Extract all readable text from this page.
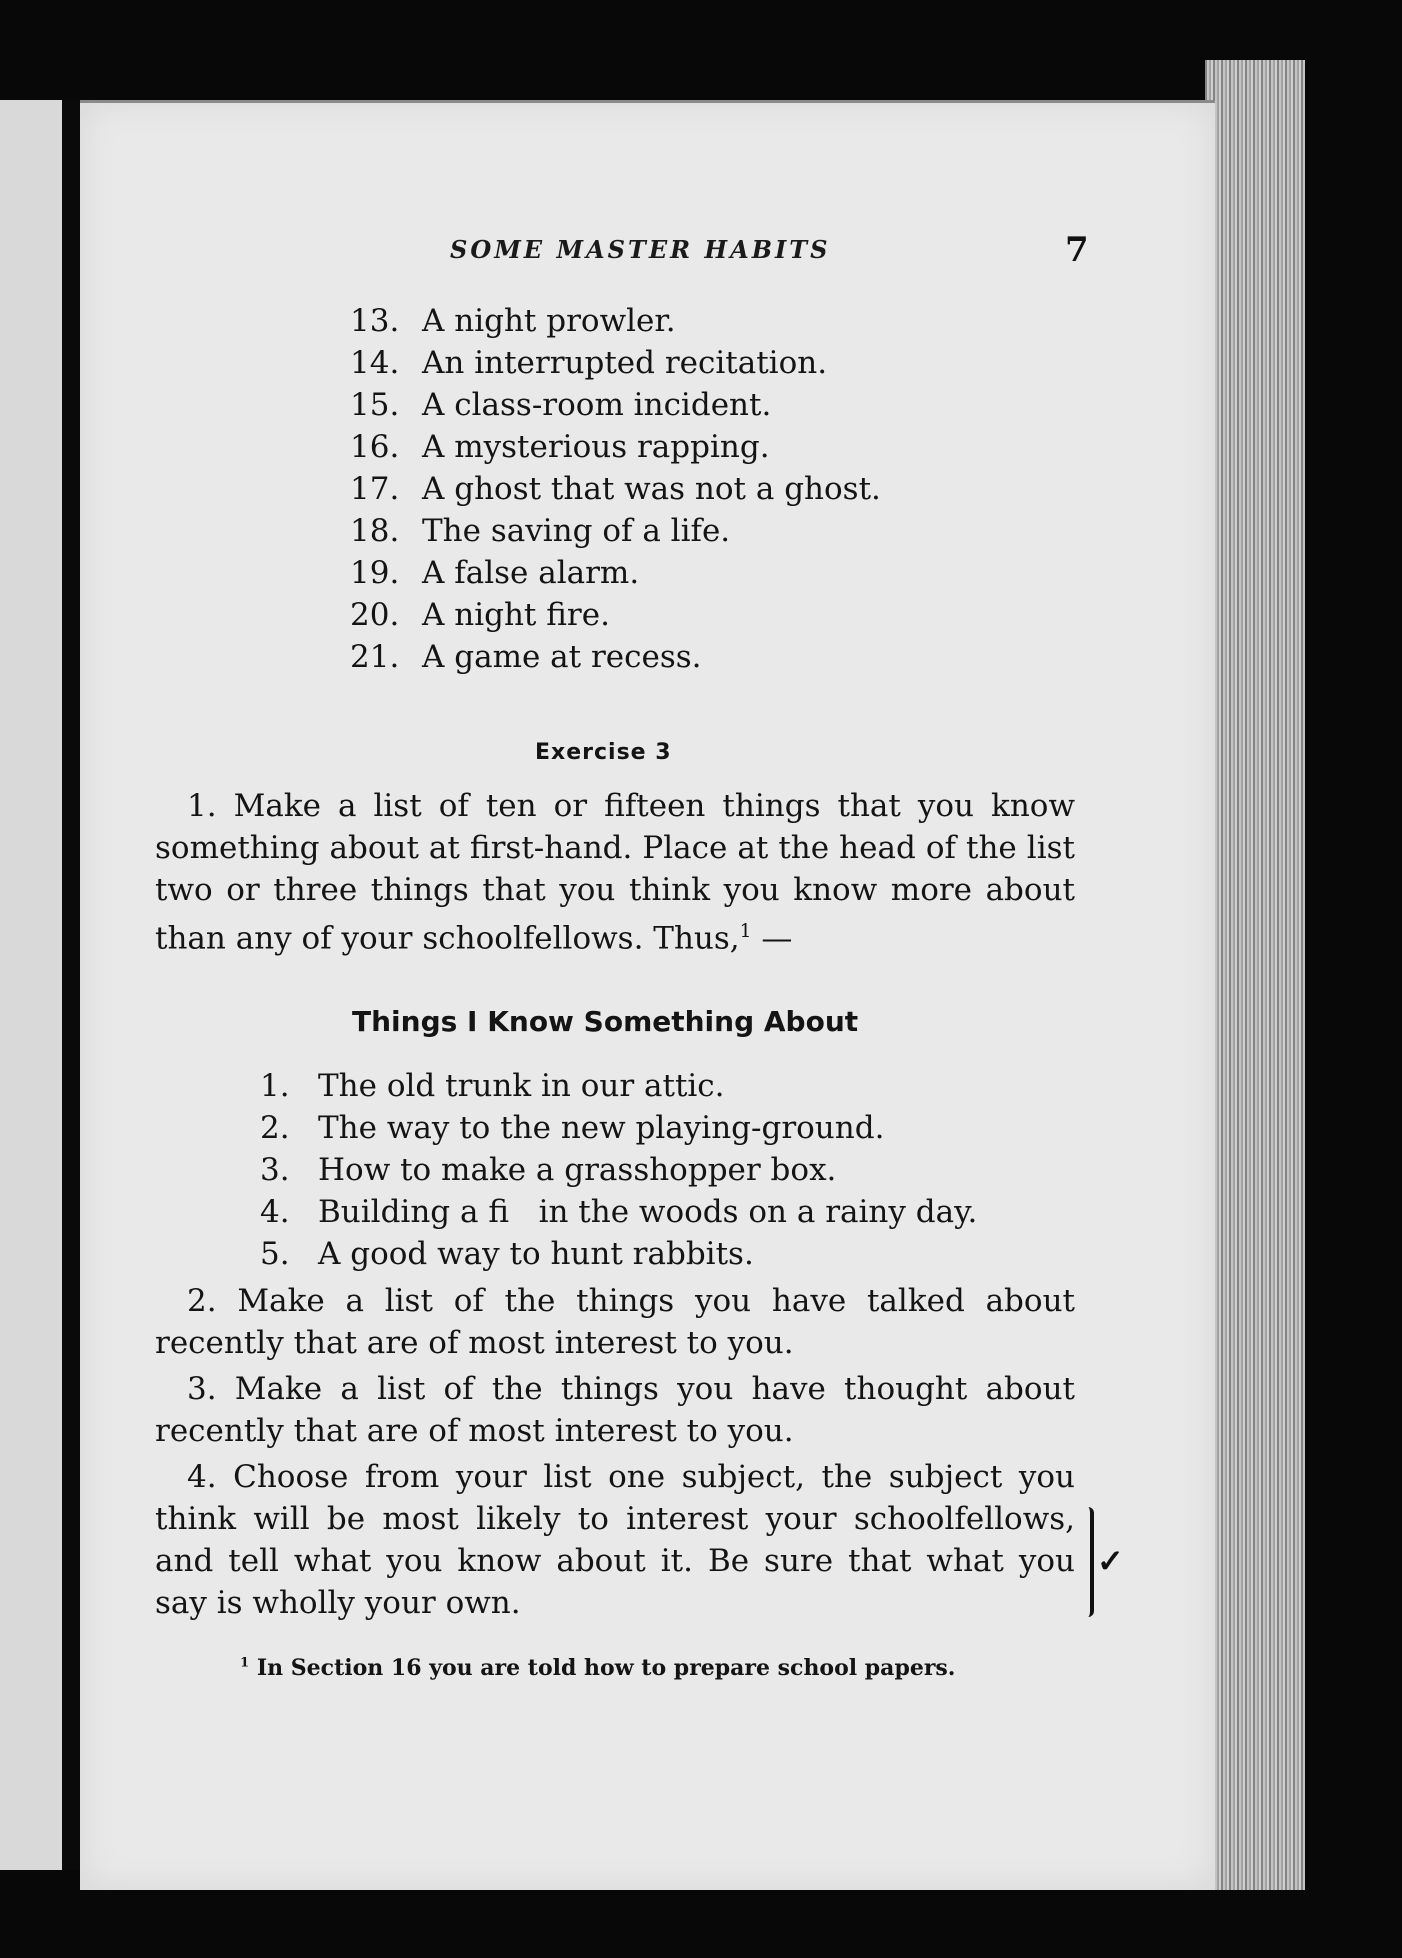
SOME MASTER HABITS	7
13. A night prowler.
14. An interrupted recitation.
15. A class-room incident.
16. A mysterious rapping.
17. A ghost that was not a ghost.
18. The saving of a life.
19. A false alarm.
20. A night fire.
21. A game at recess.
Exercise 3

1. Make a list of ten or fifteen things that you know something about at first-hand. Place at the head of the list two or three things that you think you know more about than any of your schoolfellows. Thus,$^1$ —

Things I Know Something About
1. The old trunk in our attic.
2. The way to the new playing-ground.
3. How to make a grasshopper box.
4. Building a fi   in the woods on a rainy day.
5. A good way to hunt rabbits.

2. Make a list of the things you have talked about recently that are of most interest to you.

3. Make a list of the things you have thought about recently that are of most interest to you.

4. Choose from your list one subject, the subject you think will be most likely to interest your schoolfellows, and tell what you know about it. Be sure that what you say is wholly your own.

✓
$^1$ In Section 16 you are told how to prepare school papers.
